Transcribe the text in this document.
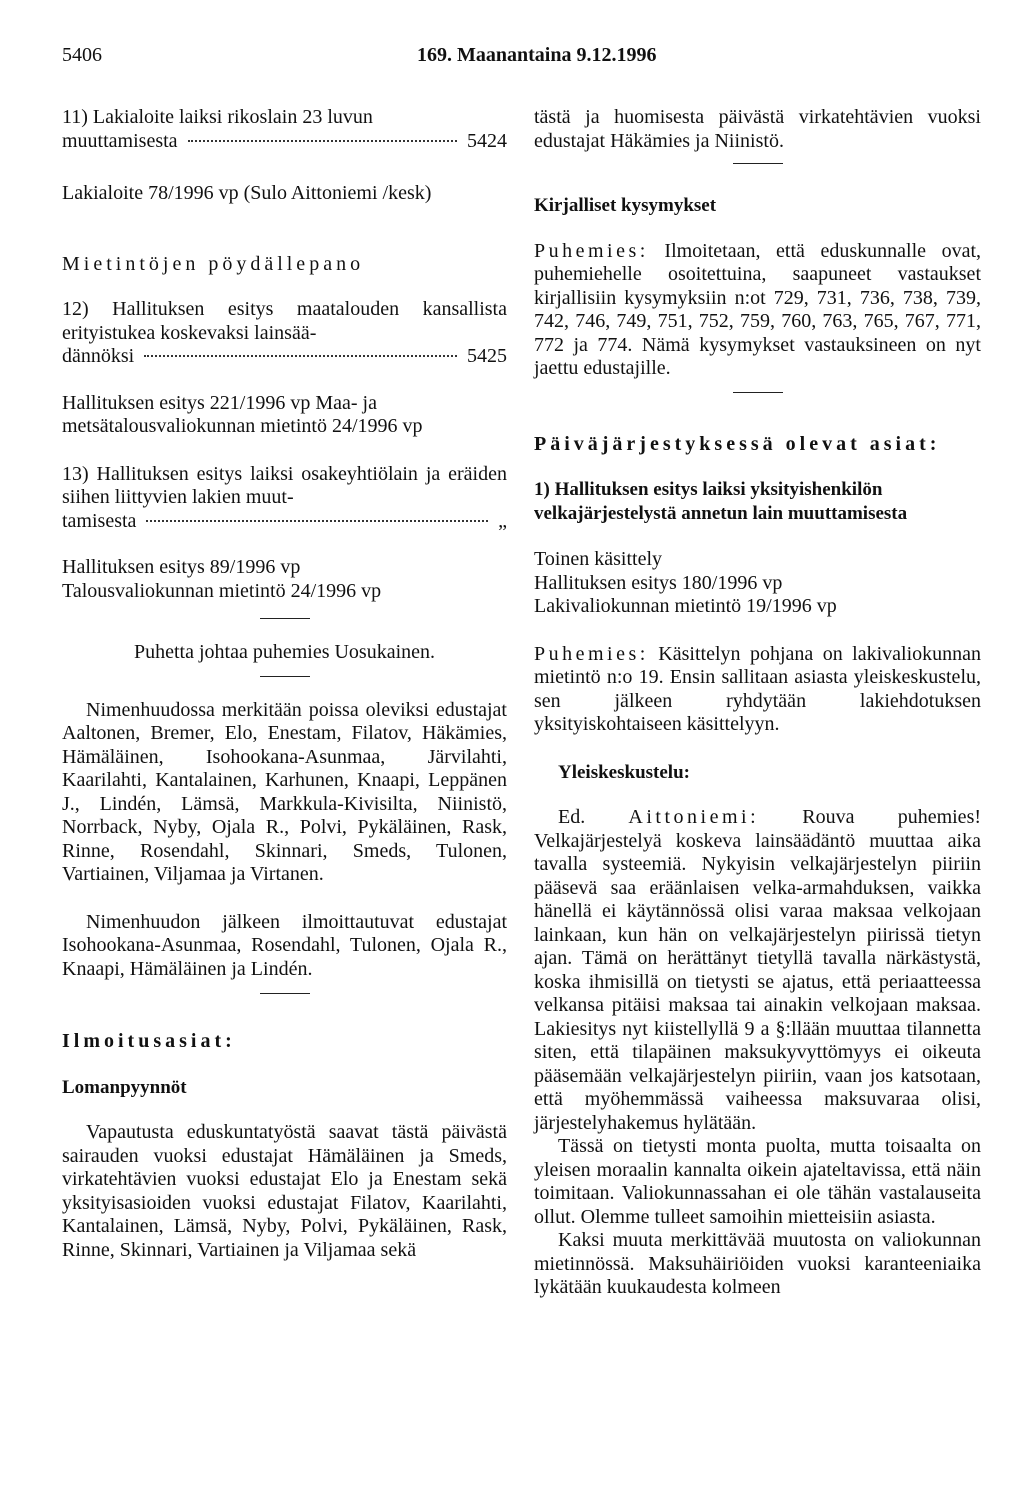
5406	169. Maanantaina 9.12.1996

11) Lakialoite laiksi rikoslain 23 luvun

muuttamisesta	5424

Lakialoite 78/1996 vp (Sulo Aittoniemi /kesk)

Mietintöjen pöydällepano

12) Hallituksen esitys maatalouden kansallista erityistukea koskevaksi lainsää-

dännöksi	5425

Hallituksen esitys 221/1996 vp Maa- ja metsätalousvaliokunnan mietintö 24/1996 vp

13) Hallituksen esitys laiksi osakeyhtiölain ja eräiden siihen liittyvien lakien muut-

tamisesta	„

Hallituksen esitys 89/1996 vp Talousvaliokunnan mietintö 24/1996 vp

Puhetta johtaa puhemies Uosukainen.

Nimenhuudossa merkitään poissa oleviksi edustajat Aaltonen, Bremer, Elo, Enestam, Filatov, Häkämies, Hämäläinen, Isohookana-Asunmaa, Järvilahti, Kaarilahti, Kantalainen, Karhunen, Knaapi, Leppänen J., Lindén, Lämsä, Markkula-Kivisilta, Niinistö, Norrback, Nyby, Ojala R., Polvi, Pykäläinen, Rask, Rinne, Rosendahl, Skinnari, Smeds, Tulonen, Vartiainen, Viljamaa ja Virtanen.

Nimenhuudon jälkeen ilmoittautuvat edustajat Isohookana-Asunmaa, Rosendahl, Tulonen, Ojala R., Knaapi, Hämäläinen ja Lindén.

Ilmoitusasiat:

Lomanpyynnöt

Vapautusta eduskuntatyöstä saavat tästä päivästä sairauden vuoksi edustajat Hämäläinen ja Smeds, virkatehtävien vuoksi edustajat Elo ja Enestam sekä yksityisasioiden vuoksi edustajat Filatov, Kaarilahti, Kantalainen, Lämsä, Nyby, Polvi, Pykäläinen, Rask, Rinne, Skinnari, Vartiainen ja Viljamaa sekä

tästä ja huomisesta päivästä virkatehtävien vuoksi edustajat Häkämies ja Niinistö.

Kirjalliset kysymykset

Puhemies: Ilmoitetaan, että eduskunnalle ovat, puhemiehelle osoitettuina, saapuneet vastaukset kirjallisiin kysymyksiin n:ot 729, 731, 736, 738, 739, 742, 746, 749, 751, 752, 759, 760, 763, 765, 767, 771, 772 ja 774. Nämä kysymykset vastauksineen on nyt jaettu edustajille.

Päiväjärjestyksessä olevat asiat:

1) Hallituksen esitys laiksi yksityishenkilön velkajärjestelystä annetun lain muuttamisesta

Toinen käsittely

Hallituksen esitys 180/1996 vp

Lakivaliokunnan mietintö 19/1996 vp

Puhemies: Käsittelyn pohjana on lakivaliokunnan mietintö n:o 19. Ensin sallitaan asiasta yleiskeskustelu, sen jälkeen ryhdytään lakiehdotuksen yksityiskohtaiseen käsittelyyn.

Yleiskeskustelu:

Ed. Aittoniemi: Rouva puhemies! Velkajärjestelyä koskeva lainsäädäntö muuttaa aika tavalla systeemiä. Nykyisin velkajärjestelyn piiriin pääsevä saa eräänlaisen velka-armahduksen, vaikka hänellä ei käytännössä olisi varaa maksaa velkojaan lainkaan, kun hän on velkajärjestelyn piirissä tietyn ajan. Tämä on herättänyt tietyllä tavalla närkästystä, koska ihmisillä on tietysti se ajatus, että periaatteessa velkansa pitäisi maksaa tai ainakin velkojaan maksaa. Lakiesitys nyt kiistellyllä 9 a §:llään muuttaa tilannetta siten, että tilapäinen maksukyvyttömyys ei oikeuta pääsemään velkajärjestelyn piiriin, vaan jos katsotaan, että myöhemmässä vaiheessa maksuvaraa olisi, järjestelyhakemus hylätään.

Tässä on tietysti monta puolta, mutta toisaalta on yleisen moraalin kannalta oikein ajateltavissa, että näin toimitaan. Valiokunnassahan ei ole tähän vastalauseita ollut. Olemme tulleet samoihin mietteisiin asiasta.

Kaksi muuta merkittävää muutosta on valiokunnan mietinnössä. Maksuhäiriöiden vuoksi karanteeniaika lykätään kuukaudesta kolmeen
